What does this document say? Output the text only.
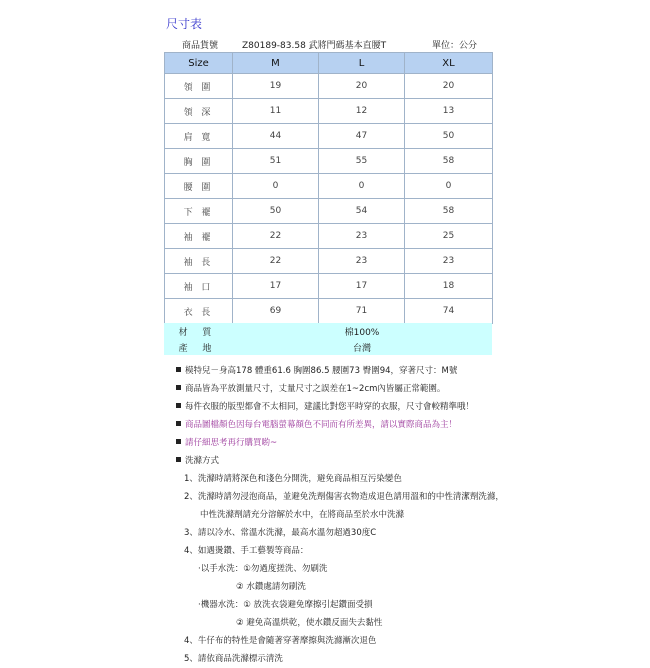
尺寸表
商品貨號	Z80189-83.58 武將門碼基本直腰T	單位：公分
Size	M	L	XL
領 圍	19	20	20
領 深	11	12	13
肩 寬	44	47	50
胸 圍	51	55	58
腰 圍	0	0	0
下 襬	50	54	58
袖 襬	22	23	25
袖 長	22	23	23
袖 口	17	17	18
衣 長	69	71	74
材 質	棉100%
產 地	台灣
模特兒－身高178 體重61.6 胸圍86.5 腰圍73 臀圍94，穿著尺寸：M號
商品皆為平放測量尺寸，丈量尺寸之誤差在1~2cm內皆屬正常範圍。
每件衣服的版型都會不太相同，建議比對您平時穿的衣服，尺寸會較精準哦！
商品圖檔顏色因每台電腦螢幕顏色不同而有所差異，請以實際商品為主！
請仔細思考再行購買喲~
洗滌方式
1、洗滌時請將深色和淺色分開洗，避免商品相互污染變色
2、洗滌時請勿浸泡商品，並避免洗劑傷害衣物造成退色請用溫和的中性清潔劑洗滌，
中性洗滌劑請充分溶解於水中，在將商品至於水中洗滌
3、請以冷水、常溫水洗滌，最高水溫勿超過30度C
4、如遇燙鑽、手工藝製等商品：
‧以手水洗：①勿過度搓洗、勿刷洗
② 水鑽處請勿刷洗
‧機器水洗：① 放洗衣袋避免摩擦引起鑽面受損
② 避免高溫烘乾，使水鑽反面失去黏性
4、牛仔布的特性是會隨著穿著摩擦與洗滌漸次退色
5、請依商品洗滌標示清洗
